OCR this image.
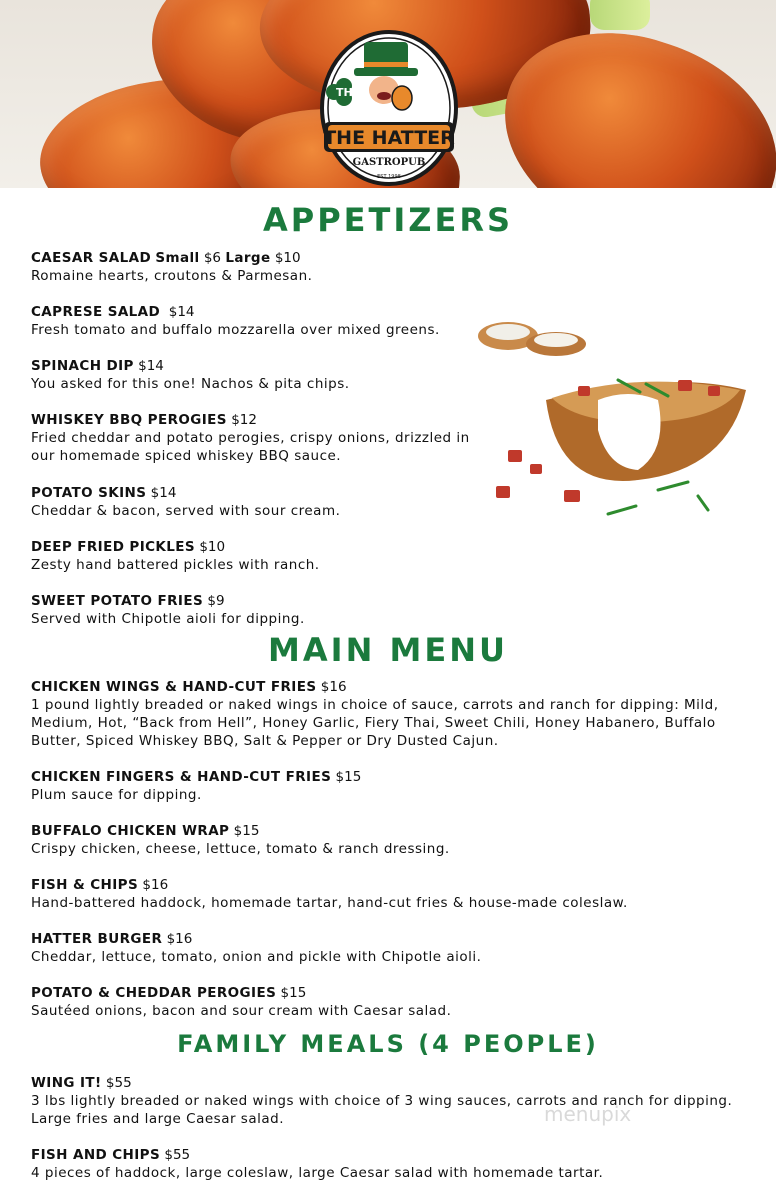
THE
THE HATTER
GASTROPUB
EST 1998
APPETIZERS

CAESAR SALAD Small $6 Large $10

Romaine hearts, croutons & Parmesan.

CAPRESE SALAD $14

Fresh tomato and buffalo mozzarella over mixed greens.

SPINACH DIP $14

You asked for this one! Nachos & pita chips.

WHISKEY BBQ PEROGIES $12

Fried cheddar and potato perogies, crispy onions, drizzled in our homemade spiced whiskey BBQ sauce.

POTATO SKINS $14

Cheddar & bacon, served with sour cream.

DEEP FRIED PICKLES $10

Zesty hand battered pickles with ranch.

SWEET POTATO FRIES $9

Served with Chipotle aioli for dipping.

MAIN MENU

CHICKEN WINGS & HAND-CUT FRIES $16

1 pound lightly breaded or naked wings in choice of sauce, carrots and ranch for dipping: Mild, Medium, Hot, “Back from Hell”, Honey Garlic, Fiery Thai, Sweet Chili, Honey Habanero, Buffalo Butter, Spiced Whiskey BBQ, Salt & Pepper or Dry Dusted Cajun.

CHICKEN FINGERS & HAND-CUT FRIES $15

Plum sauce for dipping.

BUFFALO CHICKEN WRAP $15

Crispy chicken, cheese, lettuce, tomato & ranch dressing.

FISH & CHIPS $16

Hand-battered haddock, homemade tartar, hand-cut fries & house-made coleslaw.

HATTER BURGER $16

Cheddar, lettuce, tomato, onion and pickle with Chipotle aioli.

POTATO & CHEDDAR PEROGIES $15

Sautéed onions, bacon and sour cream with Caesar salad.

FAMILY MEALS (4 PEOPLE)

WING IT! $55

3 lbs lightly breaded or naked wings with choice of 3 wing sauces, carrots and ranch for dipping. Large fries and large Caesar salad.

FISH AND CHIPS $55

4 pieces of haddock, large coleslaw, large Caesar salad with homemade tartar.

menupix
